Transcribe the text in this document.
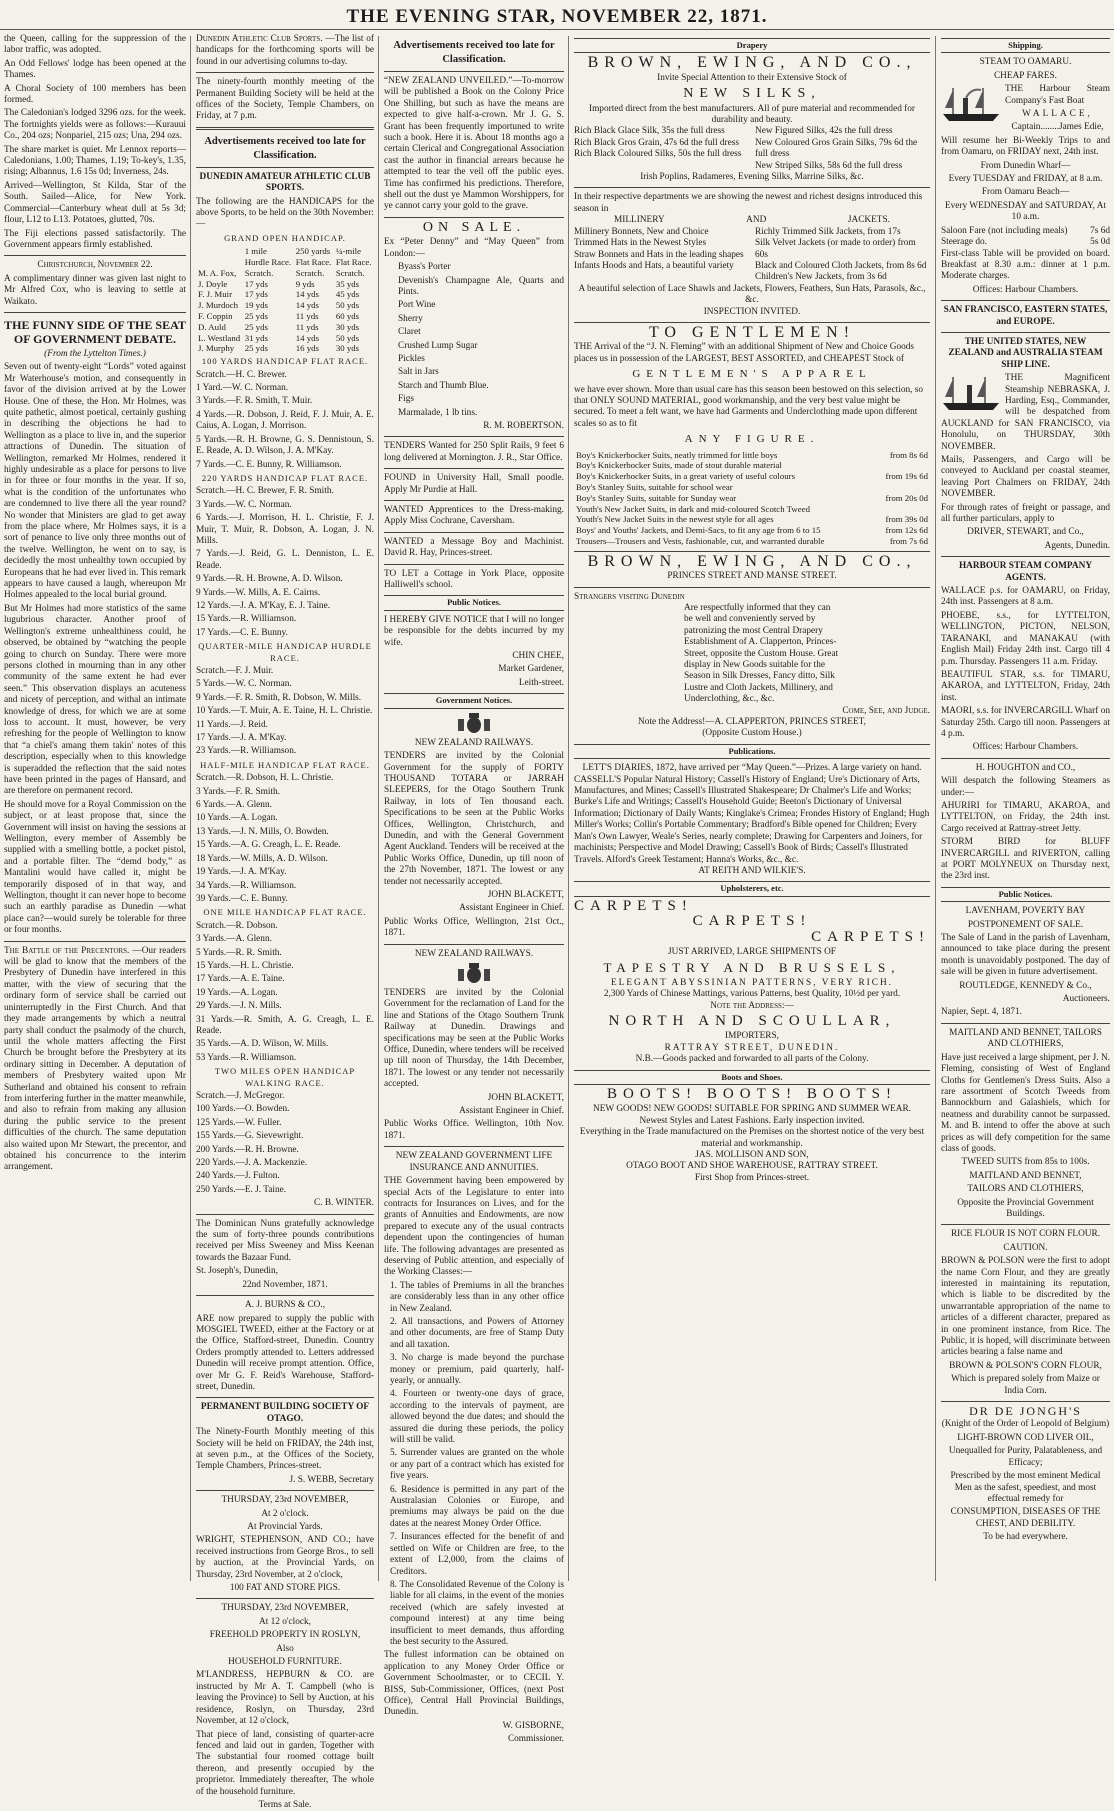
THE EVENING STAR, NOVEMBER 22, 1871.

the Queen, calling for the suppression of the labor traffic, was adopted.

An Odd Fellows' lodge has been opened at the Thames.

A Choral Society of 100 members has been formed.

The Caledonian's lodged 3296 ozs. for the week. The fortnights yields were as follows:—Kurauui Co., 204 ozs; Nonpariel, 215 ozs; Una, 294 ozs.

The share market is quiet. Mr Lennox reports—Caledonians, 1.00; Thames, 1.19; To-key's, 1.35, rising; Albannus, 1.6 15s 0d; Inverness, 24s.

Arrived—Wellington, St Kilda, Star of the South. Sailed—Alice, for New York. Commercial—Canterbury wheat dull at 5s 3d; flour, L12 to L13. Potatoes, glutted, 70s.

The Fiji elections passed satisfactorily. The Government appears firmly established.

Christchurch, November 22.

A complimentary dinner was given last night to Mr Alfred Cox, who is leaving to settle at Waikato.

THE FUNNY SIDE OF THE SEAT OF GOVERNMENT DEBATE.
(From the Lyttelton Times.)

Seven out of twenty-eight “Lords” voted against Mr Waterhouse's motion, and consequently in favor of the division arrived at by the Lower House. One of these, the Hon. Mr Holmes, was quite pathetic, almost poetical, certainly gushing in describing the objections he had to Wellington as a place to live in, and the superior attractions of Dunedin. The situation of Wellington, remarked Mr Holmes, rendered it highly undesirable as a place for persons to live in for three or four months in the year. If so, what is the condition of the unfortunates who are condemned to live there all the year round? No wonder that Ministers are glad to get away from the place where, Mr Holmes says, it is a sort of penance to live only three months out of the twelve. Wellington, he went on to say, is decidedly the most unhealthy town occupied by Europeans that he had ever lived in. This remark appears to have caused a laugh, whereupon Mr Holmes appealed to the local burial ground.

But Mr Holmes had more statistics of the same lugubrious character. Another proof of Wellington's extreme unhealthiness could, he observed, be obtained by “watching the people going to church on Sunday. There were more persons clothed in mourning than in any other community of the same extent he had ever seen.” This observation displays an acuteness and nicety of perception, and withal an intimate knowledge of dress, for which we are at some loss to account. It must, however, be very refreshing for the people of Wellington to know that “a chiel's amang them takin' notes of this description, especially when to this knowledge is superadded the reflection that the said notes have been printed in the pages of Hansard, and are therefore on permanent record.

He should move for a Royal Commission on the subject, or at least propose that, since the Government will insist on having the sessions at Wellington, every member of Assembly be supplied with a smelling bottle, a pocket pistol, and a portable filter. The “demd body,” as Mantalini would have called it, might be temporarily disposed of in that way, and Wellington, thought it can never hope to become such an earthly paradise as Dunedin —what place can?—would surely be tolerable for three or four months.

The Battle of the Precentors. —Our readers will be glad to know that the members of the Presbytery of Dunedin have interfered in this matter, with the view of securing that the ordinary form of service shall be carried out uninterruptedly in the First Church. And that they made arrangements by which a neutral party shall conduct the psalmody of the church, until the whole matters affecting the First Church be brought before the Presbytery at its ordinary sitting in December. A deputation of members of Presbytery waited upon Mr Sutherland and obtained his consent to refrain from interfering further in the matter meanwhile, and also to refrain from making any allusion during the public service to the present difficulties of the church. The same deputation also waited upon Mr Stewart, the precentor, and obtained his concurrence to the interim arrangement.

Dunedin Athletic Club Sports. —The list of handicaps for the forthcoming sports will be found in our advertising columns to-day.

The ninety-fourth monthly meeting of the Permanent Building Society will be held at the offices of the Society, Temple Chambers, on Friday, at 7 p.m.

Advertisements received too late for Classification.

DUNEDIN AMATEUR ATHLETIC CLUB SPORTS.

The following are the HANDICAPS for the above Sports, to be held on the 30th November:—

GRAND OPEN HANDICAP.
	1 mile	250 yards	¼-mile
	Hurdle Race.	Flat Race.	Flat Race.
M. A. Fox,	Scratch.	Scratch.	Scratch.
J. Doyle	17 yds	9 yds	35 yds
F. J. Muir	17 yds	14 yds	45 yds
J. Murdoch	19 yds	14 yds	50 yds
F. Coppin	25 yds	11 yds	60 yds
D. Auld	25 yds	11 yds	30 yds
L. Westland	31 yds	14 yds	50 yds
J. Murphy	25 yds	16 yds	30 yds
100 YARDS HANDICAP FLAT RACE.

Scratch.—H. C. Brewer.

1 Yard.—W. C. Norman.

3 Yards.—F. R. Smith, T. Muir.

4 Yards.—R. Dobson, J. Reid, F. J. Muir, A. E. Caius, A. Logan, J. Morrison.

5 Yards.—R. H. Browne, G. S. Dennistoun, S. E. Reade, A. D. Wilson, J. A. M'Kay.

7 Yards.—C. E. Bunny, R. Williamson.

220 YARDS HANDICAP FLAT RACE.

Scratch.—H. C. Brewer, F. R. Smith.

3 Yards.—W. C. Norman.

6 Yards.—J. Morrison, H. L. Christie, F. J. Muir, T. Muir, R. Dobson, A. Logan, J. N. Mills.

7 Yards.—J. Reid, G. L. Denniston, L. E. Reade.

9 Yards.—R. H. Browne, A. D. Wilson.

9 Yards.—W. Mills, A. E. Cairns.

12 Yards.—J. A. M'Kay, E. J. Taine.

15 Yards.—R. Williamson.

17 Yards.—C. E. Bunny.

QUARTER-MILE HANDICAP HURDLE RACE.

Scratch.—F. J. Muir.

5 Yards.—W. C. Norman.

9 Yards.—F. R. Smith, R. Dobson, W. Mills.

10 Yards.—T. Muir, A. E. Taine, H. L. Christie.

11 Yards.—J. Reid.

17 Yards.—J. A. M'Kay.

23 Yards.—R. Williamson.

HALF-MILE HANDICAP FLAT RACE.

Scratch.—R. Dobson, H. L. Christie.

3 Yards.—F. R. Smith.

6 Yards.—A. Glenn.

10 Yards.—A. Logan.

13 Yards.—J. N. Mills, O. Bowden.

15 Yards.—A. G. Creagh, L. E. Reade.

18 Yards.—W. Mills, A. D. Wilson.

19 Yards.—J. A. M'Kay.

34 Yards.—R. Williamson.

39 Yards.—C. E. Bunny.

ONE MILE HANDICAP FLAT RACE.

Scratch.—R. Dobson.

3 Yards.—A. Glenn.

5 Yards.—R. R. Smith.

15 Yards.—H. L. Christie.

17 Yards.—A. E. Taine.

19 Yards.—A. Logan.

29 Yards.—J. N. Mills.

31 Yards.—R. Smith, A. G. Creagh, L. E. Reade.

35 Yards.—A. D. Wilson, W. Mills.

53 Yards.—R. Williamson.

TWO MILES OPEN HANDICAP WALKING RACE.

Scratch.—J. McGregor.

100 Yards.—O. Bowden.

125 Yards.—W. Fuller.

155 Yards.—G. Sievewright.

200 Yards.—R. H. Browne.

220 Yards.—J. A. Mackenzie.

240 Yards.—J. Fulton.

250 Yards.—E. J. Taine.

C. B. WINTER.

The Dominican Nuns gratefully acknowledge the sum of forty-three pounds contributions received per Miss Sweeney and Miss Keenan towards the Bazaar Fund.

St. Joseph's, Dunedin,

22nd November, 1871.

A. J. BURNS & CO.,

ARE now prepared to supply the public with MOSGIEL TWEED, either at the Factory or at the Office, Stafford-street, Dunedin. Country Orders promptly attended to. Letters addressed Dunedin will receive prompt attention. Office, over Mr G. F. Reid's Warehouse, Stafford-street, Dunedin.

PERMANENT BUILDING SOCIETY OF OTAGO.

The Ninety-Fourth Monthly meeting of this Society will be held on FRIDAY, the 24th inst, at seven p.m., at the Offices of the Society, Temple Chambers, Princes-street.

J. S. WEBB, Secretary

THURSDAY, 23rd NOVEMBER,

At 2 o'clock.

At Provincial Yards.

WRIGHT, STEPHENSON, AND CO.; have received instructions from George Bros., to sell by auction, at the Provincial Yards, on Thursday, 23rd November, at 2 o'clock,

100 FAT AND STORE PIGS.

THURSDAY, 23rd NOVEMBER,

At 12 o'clock,

FREEHOLD PROPERTY IN ROSLYN,

Also

HOUSEHOLD FURNITURE.

M'LANDRESS, HEPBURN & CO. are instructed by Mr A. T. Campbell (who is leaving the Province) to Sell by Auction, at his residence, Roslyn, on Thursday, 23rd November, at 12 o'clock,

That piece of land, consisting of quarter-acre fenced and laid out in garden, Together with The substantial four roomed cottage built thereon, and presently occupied by the proprietor. Immediately thereafter, The whole of the household furniture.

Terms at Sale.

Advertisements received too late for Classification.

“NEW ZEALAND UNVEILED.”—To-morrow will be published a Book on the Colony Price One Shilling, but such as have the means are expected to give half-a-crown. Mr J. G. S. Grant has been frequently importuned to write such a book. Here it is. About 18 months ago a certain Clerical and Congregational Association cast the author in financial arrears because he attempted to tear the veil off the public eyes. Time has confirmed his predictions. Therefore, shell out the dust ye Mammon Worshippers, for ye cannot carry your gold to the grave.

ON SALE.

Ex “Peter Denny” and “May Queen” from London:—

Byass's Porter

Devenish's Champagne Ale, Quarts and Pints.

Port Wine

Sherry

Claret

Crushed Lump Sugar

Pickles

Salt in Jars

Starch and Thumb Blue.

Figs

Marmalade, 1 lb tins.

R. M. ROBERTSON.

TENDERS Wanted for 250 Split Rails, 9 feet 6 long delivered at Mornington. J. R., Star Office.

FOUND in University Hall, Small poodle. Apply Mr Purdie at Hall.

WANTED Apprentices to the Dress-making. Apply Miss Cochrane, Caversham.

WANTED a Message Boy and Machinist. David R. Hay, Princes-street.

TO LET a Cottage in York Place, opposite Halliwell's school.

Public Notices.

I HEREBY GIVE NOTICE that I will no longer be responsible for the debts incurred by my wife.

CHIN CHEE,

Market Gardener,

Leith-street.

Government Notices.

NEW ZEALAND RAILWAYS.

TENDERS are invited by the Colonial Government for the supply of FORTY THOUSAND TOTARA or JARRAH SLEEPERS, for the Otago Southern Trunk Railway, in lots of Ten thousand each. Specifications to be seen at the Public Works Offices, Wellington, Christchurch, and Dunedin, and with the General Government Agent Auckland. Tenders will be received at the Public Works Office, Dunedin, up till noon of the 27th November, 1871. The lowest or any tender not necessarily accepted.

JOHN BLACKETT,

Assistant Engineer in Chief.

Public Works Office, Wellington, 21st Oct., 1871.

NEW ZEALAND RAILWAYS.

TENDERS are invited by the Colonial Government for the reclamation of Land for the line and Stations of the Otago Southern Trunk Railway at Dunedin. Drawings and specifications may be seen at the Public Works Office, Dunedin, where tenders will be received up till noon of Thursday, the 14th December, 1871. The lowest or any tender not necessarily accepted.

JOHN BLACKETT,

Assistant Engineer in Chief.

Public Works Office. Wellington, 10th Nov. 1871.

NEW ZEALAND GOVERNMENT LIFE INSURANCE AND ANNUITIES.

THE Government having been empowered by special Acts of the Legislature to enter into contracts for Insurances on Lives, and for the grants of Annuities and Endowments, are now prepared to execute any of the usual contracts dependent upon the contingencies of human life. The following advantages are presented as deserving of Public attention, and especially of the Working Classes:—

1. The tables of Premiums in all the branches are considerably less than in any other office in New Zealand.

2. All transactions, and Powers of Attorney and other documents, are free of Stamp Duty and all taxation.

3. No charge is made beyond the purchase money or premium, paid quarterly, half-yearly, or annually.

4. Fourteen or twenty-one days of grace, according to the intervals of payment, are allowed beyond the due dates; and should the assured die during these periods, the policy will still be valid.

5. Surrender values are granted on the whole or any part of a contract which has existed for five years.

6. Residence is permitted in any part of the Australasian Colonies or Europe, and premiums may always be paid on the due dates at the nearest Money Order Office.

7. Insurances effected for the benefit of and settled on Wife or Children are free, to the extent of L2,000, from the claims of Creditors.

8. The Consolidated Revenue of the Colony is liable for all claims, in the event of the monies received (which are safely invested at compound interest) at any time being insufficient to meet demands, thus affording the best security to the Assured.

The fullest information can be obtained on application to any Money Order Office or Government Schoolmaster, or to CECIL Y. BISS, Sub-Commissioner, Offices, (next Post Office), Central Hall Provincial Buildings, Dunedin.

W. GISBORNE,

Commissioner.

Drapery
BROWN, EWING, AND CO.,

Invite Special Attention to their Extensive Stock of

NEW SILKS,

Imported direct from the best manufacturers. All of pure material and recommended for durability and beauty.

Rich Black Glace Silk, 35s the full dress

Rich Black Gros Grain, 47s 6d the full dress

Rich Black Coloured Silks, 50s the full dress

New Figured Silks, 42s the full dress

New Coloured Gros Grain Silks, 79s 6d the full dress

New Striped Silks, 58s 6d the full dress

Irish Poplins, Radameres, Evening Silks, Marrine Silks, &c.

In their respective departments we are showing the newest and richest designs introduced this season in

MILLINERY	AND	JACKETS.

Millinery Bonnets, New and Choice

Trimmed Hats in the Newest Styles

Straw Bonnets and Hats in the leading shapes

Infants Hoods and Hats, a beautiful variety

Richly Trimmed Silk Jackets, from 17s

Silk Velvet Jackets (or made to order) from 60s

Black and Coloured Cloth Jackets, from 8s 6d

Children's New Jackets, from 3s 6d

A beautiful selection of Lace Shawls and Jackets, Flowers, Feathers, Sun Hats, Parasols, &c., &c.

INSPECTION INVITED.

TO GENTLEMEN!

THE Arrival of the “J. N. Fleming” with an additional Shipment of New and Choice Goods places us in possession of the LARGEST, BEST ASSORTED, and CHEAPEST Stock of

GENTLEMEN'S APPAREL

we have ever shown. More than usual care has this season been bestowed on this selection, so that ONLY SOUND MATERIAL, good workmanship, and the very best value might be secured. To meet a felt want, we have had Garments and Underclothing made upon different scales so as to fit

ANY FIGURE.
Boy's Knickerbocker Suits, neatly trimmed for little boys	from 8s 6d
Boy's Knickerbocker Suits, made of stout durable material	
Boy's Knickerbocker Suits, in a great variety of useful colours	from 19s 6d
Boy's Stanley Suits, suitable for school wear	
Boy's Stanley Suits, suitable for Sunday wear	from 20s 0d
Youth's New Jacket Suits, in dark and mid-coloured Scotch Tweed	
Youth's New Jacket Suits in the newest style for all ages	from 39s 0d
Boys' and Youths' Jackets, and Demi-Sacs, to fit any age from 6 to 15	from 12s 6d
Trousers—Trousers and Vests, fashionable, cut, and warranted durable	from 7s 6d
BROWN, EWING, AND CO.,

PRINCES STREET AND MANSE STREET.

Strangers visiting Dunedin

Are respectfully informed that they can be well and conveniently served by patronizing the most Central Drapery Establishment of A. Clapperton, Princes-Street, opposite the Custom House. Great display in New Goods suitable for the Season in Silk Dresses, Fancy ditto, Silk Lustre and Cloth Jackets, Millinery, and Underclothing, &c., &c.

Come, See, and Judge.

Note the Address!—A. CLAPPERTON, PRINCES STREET,

(Opposite Custom House.)

Publications.

LETT'S DIARIES, 1872, have arrived per “May Queen.”—Prizes. A large variety on hand.

CASSELL'S Popular Natural History; Cassell's History of England; Ure's Dictionary of Arts, Manufactures, and Mines; Cassell's Illustrated Shakespeare; Dr Chalmer's Life and Works; Burke's Life and Writings; Cassell's Household Guide; Beeton's Dictionary of Universal Information; Dictionary of Daily Wants; Kinglake's Crimea; Frondes History of England; Hugh Miller's Works; Collin's Portable Commentary; Bradford's Bible opened for Children; Every Man's Own Lawyer, Weale's Series, nearly complete; Drawing for Carpenters and Joiners, for machinists; Perspective and Model Drawing; Cassell's Book of Birds; Cassell's Illustrated Travels. Alford's Greek Testament; Hanna's Works, &c., &c.

AT REITH AND WILKIE'S.

Upholsterers, etc.
CARPETS!
CARPETS!
CARPETS!

JUST ARRIVED, LARGE SHIPMENTS OF

TAPESTRY AND BRUSSELS,

ELEGANT ABYSSINIAN PATTERNS, VERY RICH.

2,300 Yards of Chinese Mattings, various Patterns, best Quality, 10½d per yard.

Note the Address:—

NORTH AND SCOULLAR,

IMPORTERS,

RATTRAY STREET, DUNEDIN.

N.B.—Goods packed and forwarded to all parts of the Colony.

Boots and Shoes.
BOOTS! BOOTS! BOOTS!

NEW GOODS! NEW GOODS! SUITABLE FOR SPRING AND SUMMER WEAR.

Newest Styles and Latest Fashions. Early inspection invited.

Everything in the Trade manufactured on the Premises on the shortest notice of the very best material and workmanship.

JAS. MOLLISON AND SON,

OTAGO BOOT AND SHOE WAREHOUSE, RATTRAY STREET.

First Shop from Princes-street.

Shipping.

STEAM TO OAMARU.

CHEAP FARES.

THE Harbour Steam Company's Fast Boat

WALLACE,

Captain........James Edie,

Will resume her Bi-Weekly Trips to and from Oamaru, on FRIDAY next, 24th inst.

From Dunedin Wharf—

Every TUESDAY and FRIDAY, at 8 a.m.

From Oamaru Beach—

Every WEDNESDAY and SATURDAY, At 10 a.m.

Saloon Fare (not including meals) 7s 6d
Steerage do.	5s 0d

First-class Table will be provided on board. Breakfast at 8.30 a.m.: dinner at 1 p.m. Moderate charges.

Offices: Harbour Chambers.

SAN FRANCISCO, EASTERN STATES, and EUROPE.

THE UNITED STATES, NEW ZEALAND and AUSTRALIA STEAM SHIP LINE.

THE Magnificent Steamship NEBRASKA, J. Harding, Esq., Commander, will be despatched from AUCKLAND for SAN FRANCISCO, via Honolulu, on THURSDAY, 30th NOVEMBER.

Mails, Passengers, and Cargo will be conveyed to Auckland per coastal steamer, leaving Port Chalmers on FRIDAY, 24th NOVEMBER.

For through rates of freight or passage, and all further particulars, apply to

DRIVER, STEWART, and Co.,

Agents, Dunedin.

HARBOUR STEAM COMPANY AGENTS.

WALLACE p.s. for OAMARU, on Friday, 24th inst. Passengers at 8 a.m.

PHOEBE, s.s., for LYTTELTON, WELLINGTON, PICTON, NELSON, TARANAKI, and MANAKAU (with English Mail) Friday 24th inst. Cargo till 4 p.m. Thursday. Passengers 11 a.m. Friday.

BEAUTIFUL STAR, s.s. for TIMARU, AKAROA, and LYTTELTON, Friday, 24th inst.

MAORI, s.s. for INVERCARGILL Wharf on Saturday 25th. Cargo till noon. Passengers at 4 p.m.

Offices: Harbour Chambers.

H. HOUGHTON and CO.,

Will despatch the following Steamers as under:—

AHURIRI for TIMARU, AKAROA, and LYTTELTON, on Friday, the 24th inst. Cargo received at Rattray-street Jetty.

STORM BIRD for BLUFF INVERCARGILL and RIVERTON, calling at PORT MOLYNEUX on Thursday next, the 23rd inst.

Public Notices.

LAVENHAM, POVERTY BAY

POSTPONEMENT OF SALE.

The Sale of Land in the parish of Lavenham, announced to take place during the present month is unavoidably postponed. The day of sale will be given in future advertisement.

ROUTLEDGE, KENNEDY & Co.,

Auctioneers.

Napier, Sept. 4, 1871.

MAITLAND AND BENNET, TAILORS AND CLOTHIERS,

Have just received a large shipment, per J. N. Fleming, consisting of West of England Cloths for Gentlemen's Dress Suits. Also a rare assortment of Scotch Tweeds from Bannockburn and Galashiels, which for neatness and durability cannot be surpassed. M. and B. intend to offer the above at such prices as will defy competition for the same class of goods.

TWEED SUITS from 85s to 100s.

MAITLAND AND BENNET,

TAILORS AND CLOTHIERS,

Opposite the Provincial Government Buildings.

RICE FLOUR IS NOT CORN FLOUR.

CAUTION.

BROWN & POLSON were the first to adopt the name Corn Flour, and they are greatly interested in maintaining its reputation, which is liable to be discredited by the unwarrantable appropriation of the name to articles of a different character, prepared as in one prominent instance, from Rice. The Public, it is hoped, will discriminate between articles bearing a false name and

BROWN & POLSON'S CORN FLOUR,

Which is prepared solely from Maize or India Corn.

DR DE JONGH'S

(Knight of the Order of Leopold of Belgium)

LIGHT-BROWN COD LIVER OIL,

Unequalled for Purity, Palatableness, and Efficacy;

Prescribed by the most eminent Medical Men as the safest, speediest, and most effectual remedy for

CONSUMPTION, DISEASES OF THE CHEST, AND DEBILITY.

To be had everywhere.
